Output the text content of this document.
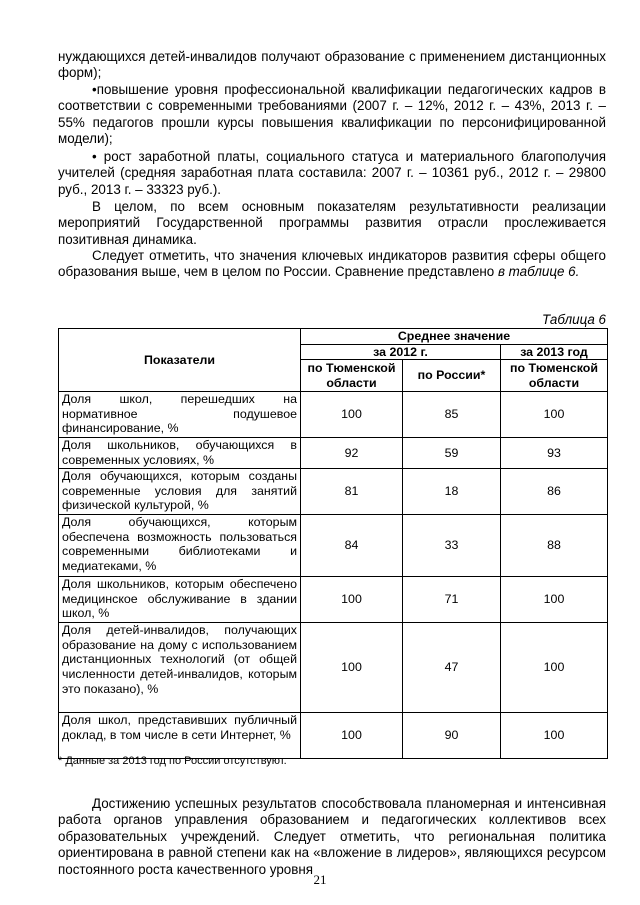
нуждающихся детей-инвалидов получают образование с применением дистанционных форм);

•повышение уровня профессиональной квалификации педагогических кадров в соответствии с современными требованиями (2007 г. – 12%, 2012 г. – 43%, 2013 г. – 55% педагогов прошли курсы повышения квалификации по персонифицированной модели);

• рост заработной платы, социального статуса и материального благополучия учителей (средняя заработная плата составила: 2007 г. – 10361 руб., 2012 г. – 29800 руб., 2013 г. – 33323 руб.).

В целом, по всем основным показателям результативности реализации мероприятий Государственной программы развития отрасли прослеживается позитивная динамика.

Следует отметить, что значения ключевых индикаторов развития сферы общего образования выше, чем в целом по России. Сравнение представлено в таблице 6.

Таблица 6
Показатели	Среднее значение		
	за 2012 г.		за 2013 год
	по Тюменской области	по России*	по Тюменской области
Доля школ, перешедших на нормативное подушевое финансирование, %	100	85	100
Доля школьников, обучающихся в современных условиях, %	92	59	93
Доля обучающихся, которым созданы современные условия для занятий физической культурой, %	81	18	86
Доля обучающихся, которым обеспечена возможность пользоваться современными библиотеками и медиатеками, %	84	33	88
Доля школьников, которым обеспечено медицинское обслуживание в здании школ, %	100	71	100
Доля детей-инвалидов, получающих образование на дому с использованием дистанционных технологий (от общей численности детей-инвалидов, которым это показано), %	100	47	100
Доля школ, представивших публичный доклад, в том числе в сети Интернет, %	100	90	100
* Данные за 2013 год по России отсутствуют.

Достижению успешных результатов способствовала планомерная и интенсивная работа органов управления образованием и педагогических коллективов всех образовательных учреждений. Следует отметить, что региональная политика ориентирована в равной степени как на «вложение в лидеров», являющихся ресурсом постоянного роста качественного уровня

21
